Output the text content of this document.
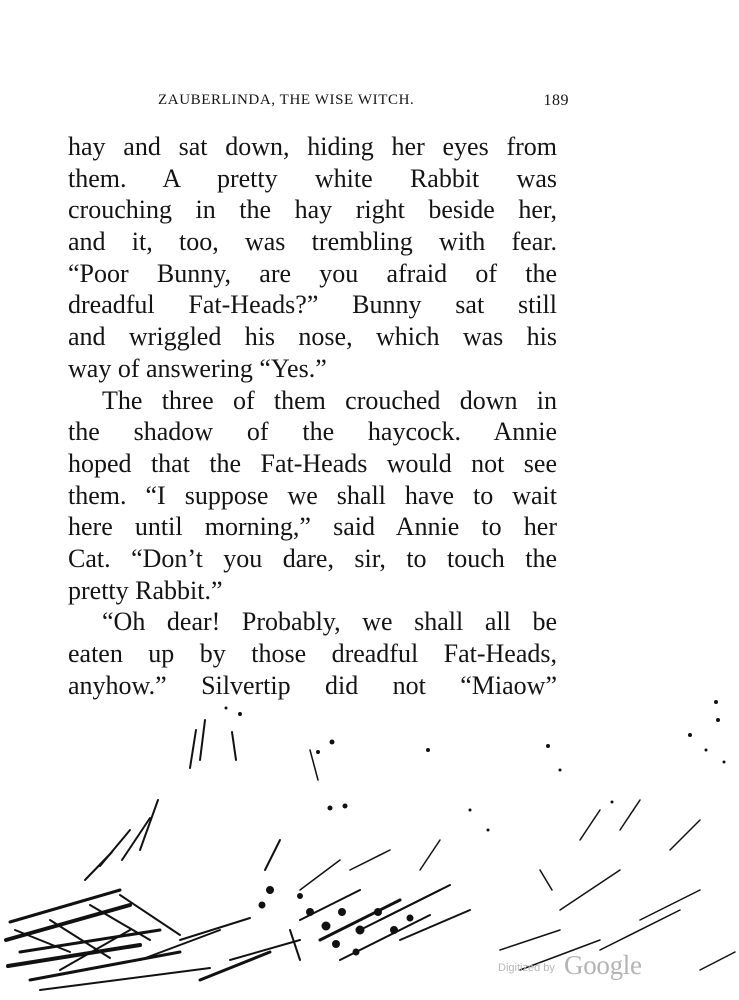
ZAUBERLINDA, THE WISE WITCH.	189
hay and sat down, hiding her eyes from
them. A pretty white Rabbit was
crouching in the hay right beside her,
and it, too, was trembling with fear.
“Poor Bunny, are you afraid of the
dreadful Fat-Heads?” Bunny sat still
and wriggled his nose, which was his
way of answering “Yes.”
The three of them crouched down in
the shadow of the haycock. Annie
hoped that the Fat-Heads would not see
them. “I suppose we shall have to wait
here until morning,” said Annie to her
Cat. “Don’t you dare, sir, to touch the
pretty Rabbit.”
“Oh dear! Probably, we shall all be
eaten up by those dreadful Fat-Heads,
anyhow.” Silvertip did not “Miaow”
Digitized by Google
